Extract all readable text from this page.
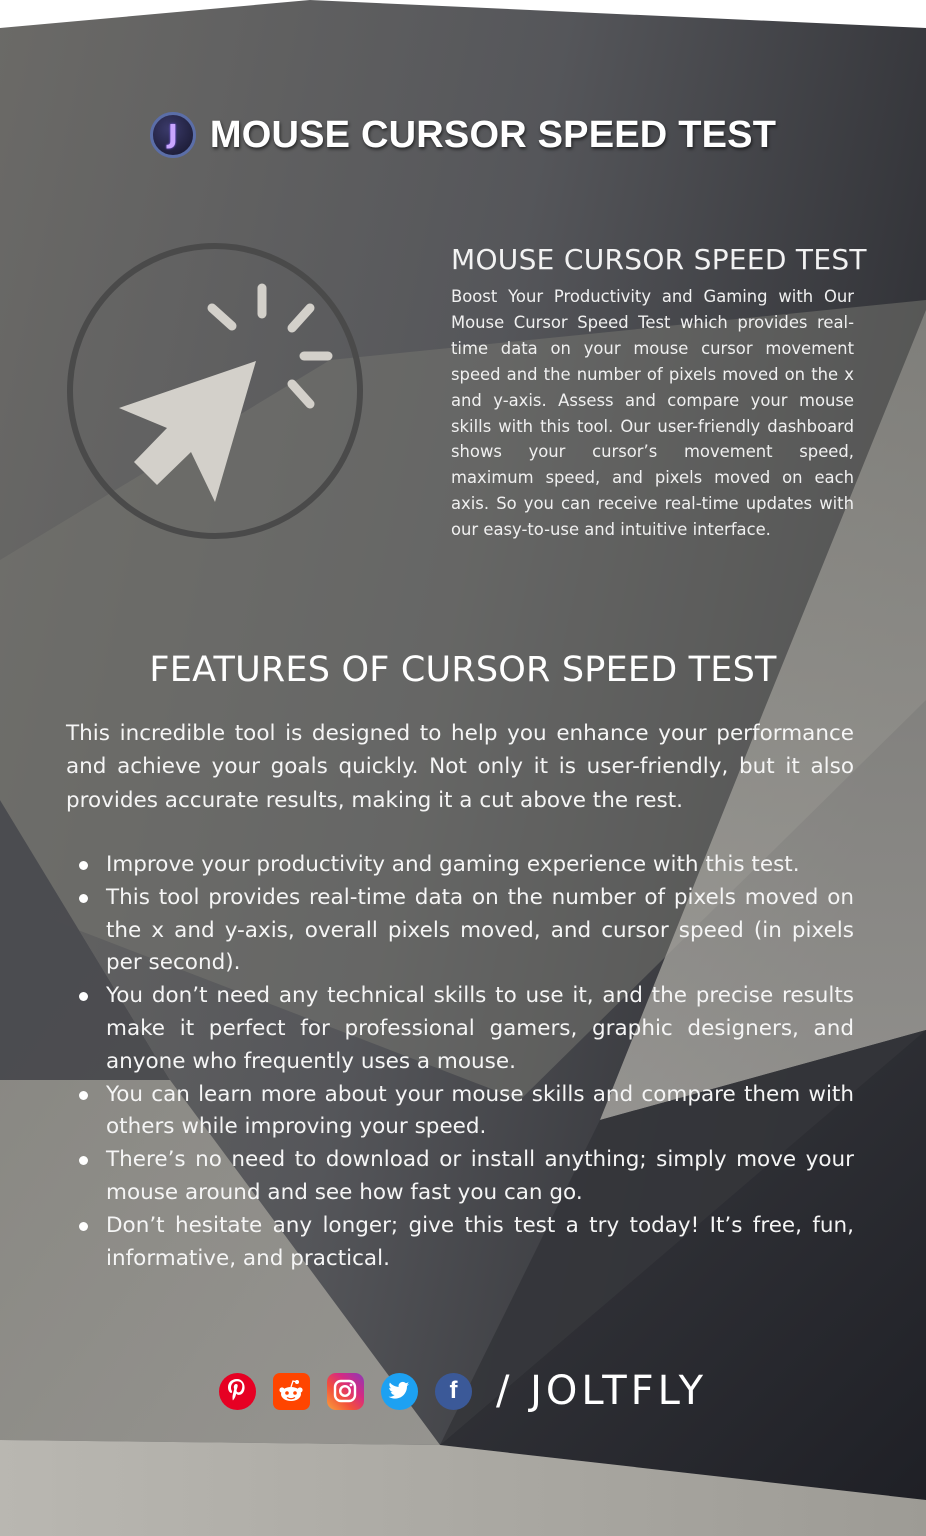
J MOUSE CURSOR SPEED TEST
MOUSE CURSOR SPEED TEST

Boost Your Productivity and Gaming with Our Mouse Cursor Speed Test which provides real-time data on your mouse cursor movement speed and the number of pixels moved on the x and y-axis. Assess and compare your mouse skills with this tool. Our user-friendly dashboard shows your cursor’s movement speed, maximum speed, and pixels moved on each axis. So you can receive real-time updates with our easy-to-use and intuitive interface.

FEATURES OF CURSOR SPEED TEST

This incredible tool is designed to help you enhance your performance and achieve your goals quickly. Not only it is user-friendly, but it also provides accurate results, making it a cut above the rest.

Improve your productivity and gaming experience with this test.
This tool provides real-time data on the number of pixels moved on the x and y-axis, overall pixels moved, and cursor speed (in pixels per second).
You don’t need any technical skills to use it, and the precise results make it perfect for professional gamers, graphic designers, and anyone who frequently uses a mouse.
You can learn more about your mouse skills and compare them with others while improving your speed.
There’s no need to download or install anything; simply move your mouse around and see how fast you can go.
Don’t hesitate any longer; give this test a try today! It’s free, fun, informative, and practical.
f / JOLTFLY
